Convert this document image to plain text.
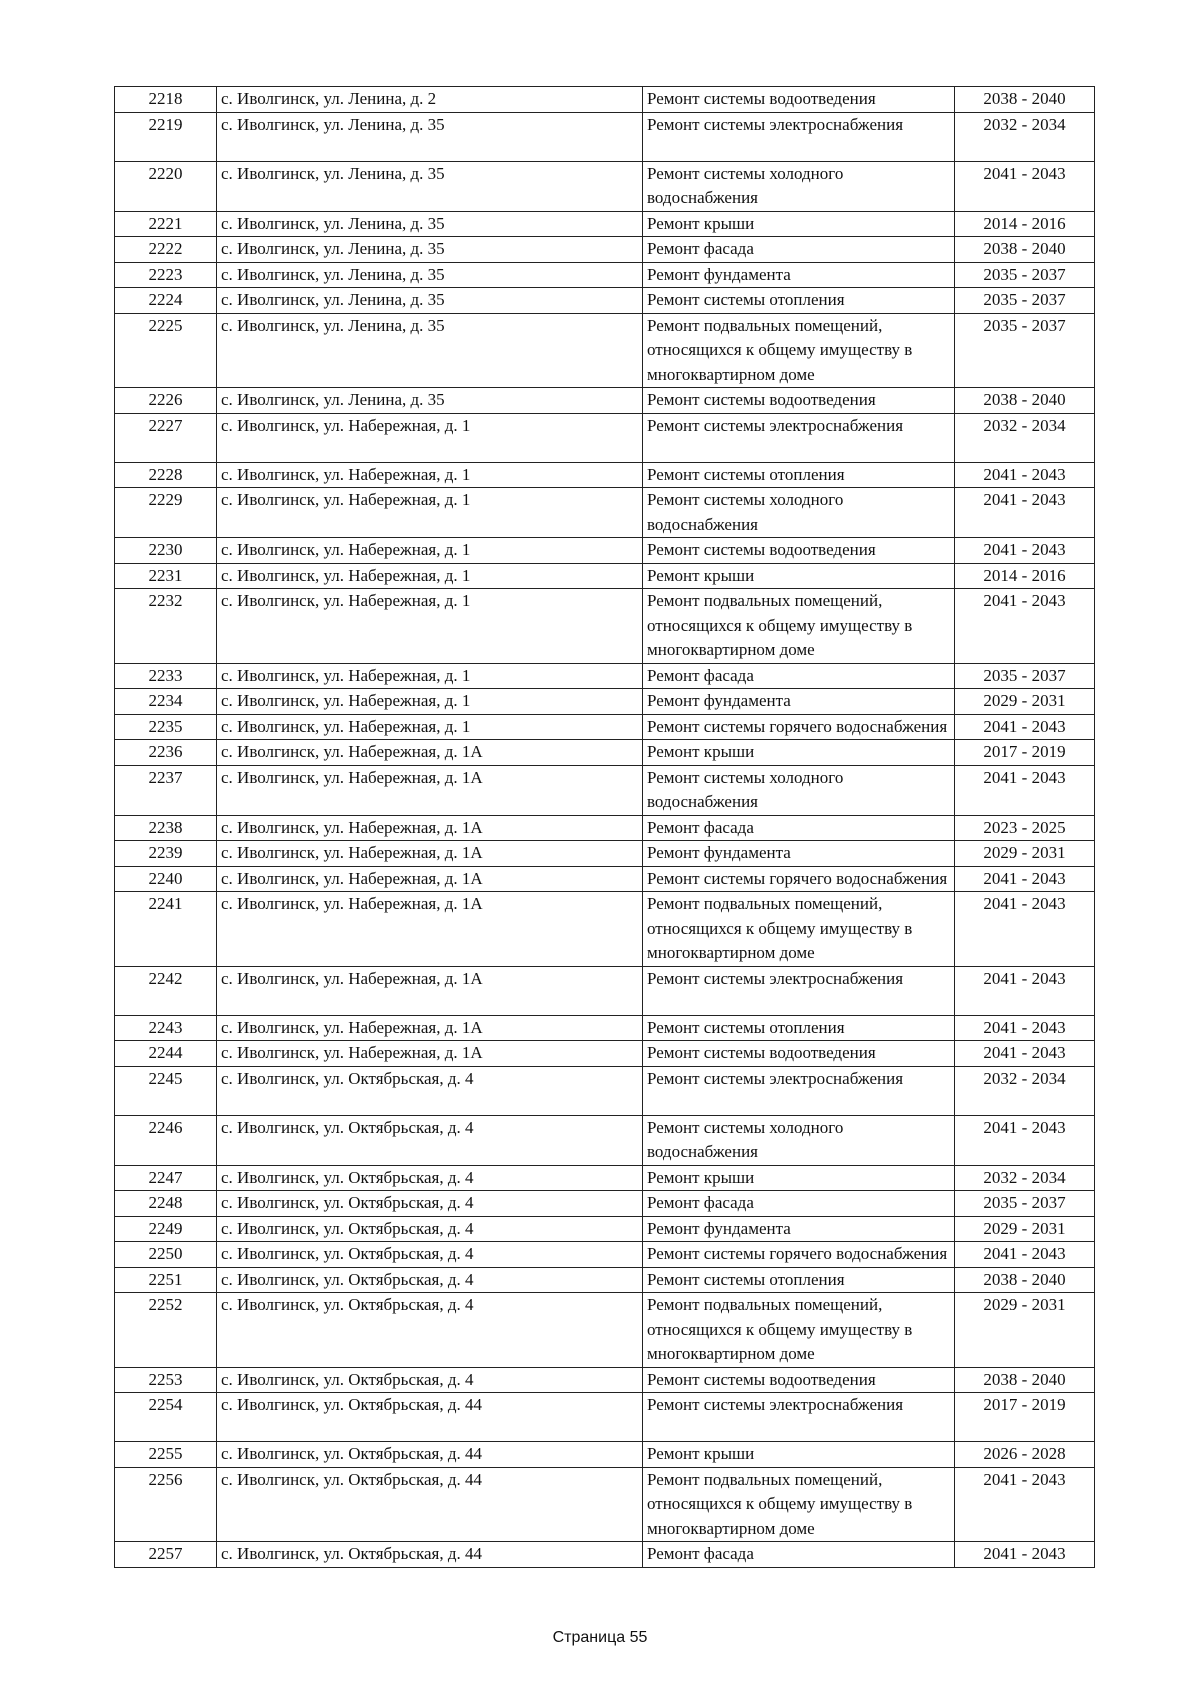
2218	с. Иволгинск, ул. Ленина, д. 2	Ремонт системы водоотведения	2038 - 2040
2219	с. Иволгинск, ул. Ленина, д. 35	Ремонт системы электроснабжения	2032 - 2034
2220	с. Иволгинск, ул. Ленина, д. 35	Ремонт системы холодного водоснабжения	2041 - 2043
2221	с. Иволгинск, ул. Ленина, д. 35	Ремонт крыши	2014 - 2016
2222	с. Иволгинск, ул. Ленина, д. 35	Ремонт фасада	2038 - 2040
2223	с. Иволгинск, ул. Ленина, д. 35	Ремонт фундамента	2035 - 2037
2224	с. Иволгинск, ул. Ленина, д. 35	Ремонт системы отопления	2035 - 2037
2225	с. Иволгинск, ул. Ленина, д. 35	Ремонт подвальных помещений, относящихся к общему имуществу в многоквартирном доме	2035 - 2037
2226	с. Иволгинск, ул. Ленина, д. 35	Ремонт системы водоотведения	2038 - 2040
2227	с. Иволгинск, ул. Набережная, д. 1	Ремонт системы электроснабжения	2032 - 2034
2228	с. Иволгинск, ул. Набережная, д. 1	Ремонт системы отопления	2041 - 2043
2229	с. Иволгинск, ул. Набережная, д. 1	Ремонт системы холодного водоснабжения	2041 - 2043
2230	с. Иволгинск, ул. Набережная, д. 1	Ремонт системы водоотведения	2041 - 2043
2231	с. Иволгинск, ул. Набережная, д. 1	Ремонт крыши	2014 - 2016
2232	с. Иволгинск, ул. Набережная, д. 1	Ремонт подвальных помещений, относящихся к общему имуществу в многоквартирном доме	2041 - 2043
2233	с. Иволгинск, ул. Набережная, д. 1	Ремонт фасада	2035 - 2037
2234	с. Иволгинск, ул. Набережная, д. 1	Ремонт фундамента	2029 - 2031
2235	с. Иволгинск, ул. Набережная, д. 1	Ремонт системы горячего водоснабжения	2041 - 2043
2236	с. Иволгинск, ул. Набережная, д. 1А	Ремонт крыши	2017 - 2019
2237	с. Иволгинск, ул. Набережная, д. 1А	Ремонт системы холодного водоснабжения	2041 - 2043
2238	с. Иволгинск, ул. Набережная, д. 1А	Ремонт фасада	2023 - 2025
2239	с. Иволгинск, ул. Набережная, д. 1А	Ремонт фундамента	2029 - 2031
2240	с. Иволгинск, ул. Набережная, д. 1А	Ремонт системы горячего водоснабжения	2041 - 2043
2241	с. Иволгинск, ул. Набережная, д. 1А	Ремонт подвальных помещений, относящихся к общему имуществу в многоквартирном доме	2041 - 2043
2242	с. Иволгинск, ул. Набережная, д. 1А	Ремонт системы электроснабжения	2041 - 2043
2243	с. Иволгинск, ул. Набережная, д. 1А	Ремонт системы отопления	2041 - 2043
2244	с. Иволгинск, ул. Набережная, д. 1А	Ремонт системы водоотведения	2041 - 2043
2245	с. Иволгинск, ул. Октябрьская, д. 4	Ремонт системы электроснабжения	2032 - 2034
2246	с. Иволгинск, ул. Октябрьская, д. 4	Ремонт системы холодного водоснабжения	2041 - 2043
2247	с. Иволгинск, ул. Октябрьская, д. 4	Ремонт крыши	2032 - 2034
2248	с. Иволгинск, ул. Октябрьская, д. 4	Ремонт фасада	2035 - 2037
2249	с. Иволгинск, ул. Октябрьская, д. 4	Ремонт фундамента	2029 - 2031
2250	с. Иволгинск, ул. Октябрьская, д. 4	Ремонт системы горячего водоснабжения	2041 - 2043
2251	с. Иволгинск, ул. Октябрьская, д. 4	Ремонт системы отопления	2038 - 2040
2252	с. Иволгинск, ул. Октябрьская, д. 4	Ремонт подвальных помещений, относящихся к общему имуществу в многоквартирном доме	2029 - 2031
2253	с. Иволгинск, ул. Октябрьская, д. 4	Ремонт системы водоотведения	2038 - 2040
2254	с. Иволгинск, ул. Октябрьская, д. 44	Ремонт системы электроснабжения	2017 - 2019
2255	с. Иволгинск, ул. Октябрьская, д. 44	Ремонт крыши	2026 - 2028
2256	с. Иволгинск, ул. Октябрьская, д. 44	Ремонт подвальных помещений, относящихся к общему имуществу в многоквартирном доме	2041 - 2043
2257	с. Иволгинск, ул. Октябрьская, д. 44	Ремонт фасада	2041 - 2043
Страница 55
